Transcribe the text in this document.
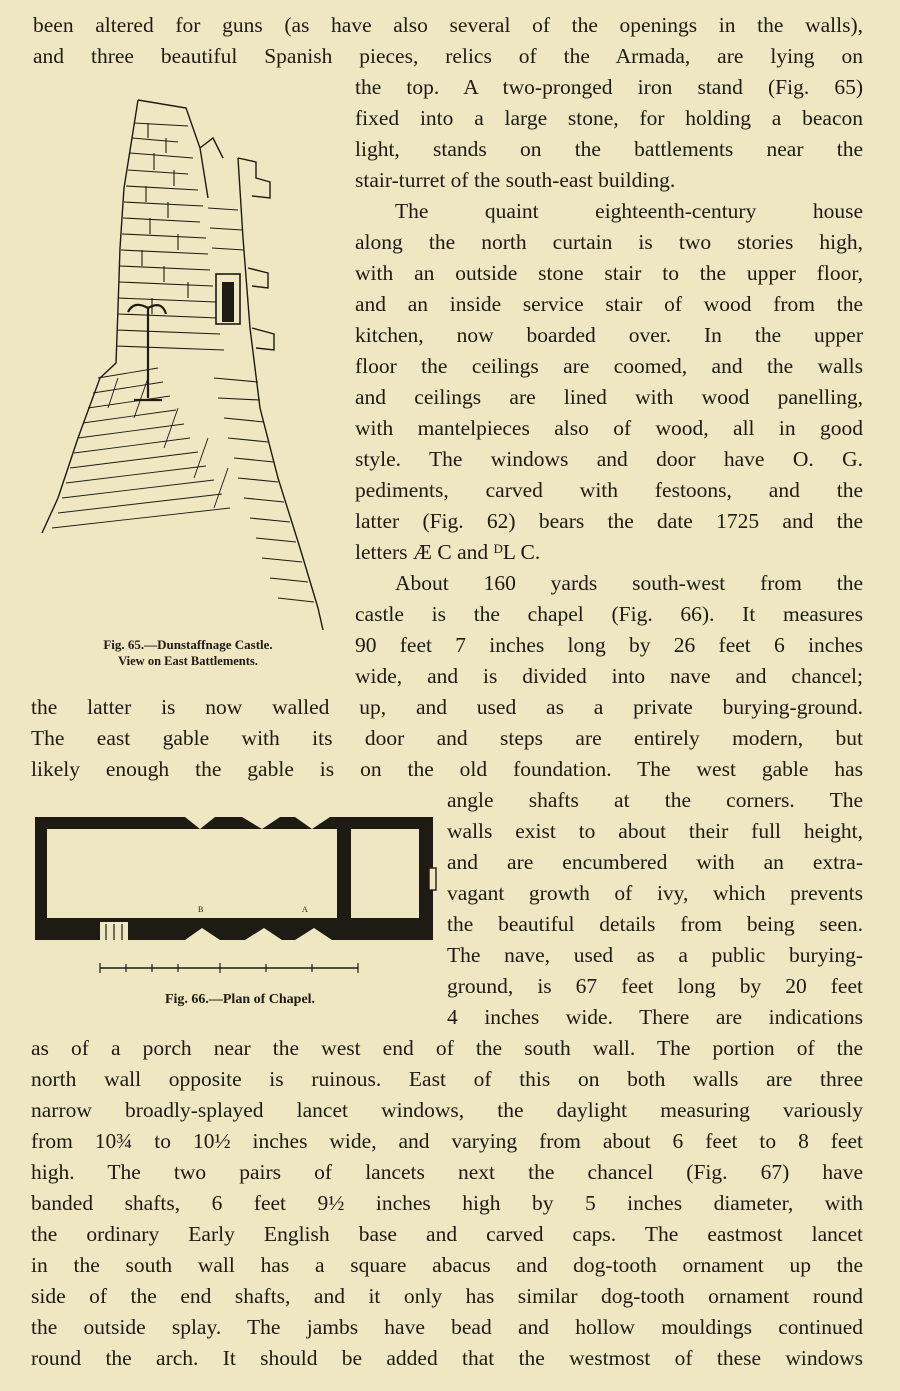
been altered for guns (as have also several of the openings in the walls),
and three beautiful Spanish pieces, relics of the Armada, are lying on
the top. A two-pronged iron stand (Fig. 65)
fixed into a large stone, for holding a beacon
light, stands on the battlements near the
stair-turret of the south-east building.
The quaint eighteenth-century house
along the north curtain is two stories high,
with an outside stone stair to the upper floor,
and an inside service stair of wood from the
kitchen, now boarded over. In the upper
floor the ceilings are coomed, and the walls
and ceilings are lined with wood panelling,
with mantelpieces also of wood, all in good
style. The windows and door have O. G.
pediments, carved with festoons, and the
latter (Fig. 62) bears the date 1725 and the
letters Æ C and ᴰL C.
About 160 yards south-west from the
castle is the chapel (Fig. 66). It measures
90 feet 7 inches long by 26 feet 6 inches
wide, and is divided into nave and chancel;
the latter is now walled up, and used as a private burying-ground.
The east gable with its door and steps are entirely modern, but
likely enough the gable is on the old foundation. The west gable has
angle shafts at the corners. The
walls exist to about their full height,
and are encumbered with an extra-
vagant growth of ivy, which prevents
the beautiful details from being seen.
The nave, used as a public burying-
ground, is 67 feet long by 20 feet
4 inches wide. There are indications
as of a porch near the west end of the south wall. The portion of the
north wall opposite is ruinous. East of this on both walls are three
narrow broadly-splayed lancet windows, the daylight measuring variously
from 10¾ to 10½ inches wide, and varying from about 6 feet to 8 feet
high. The two pairs of lancets next the chancel (Fig. 67) have
banded shafts, 6 feet 9½ inches high by 5 inches diameter, with
the ordinary Early English base and carved caps. The eastmost lancet
in the south wall has a square abacus and dog-tooth ornament up the
side of the end shafts, and it only has similar dog-tooth ornament round
the outside splay. The jambs have bead and hollow mouldings continued
round the arch. It should be added that the westmost of these windows
Fig. 65.—Dunstaffnage Castle.
View on East Battlements.
B	A
Fig. 66.—Plan of Chapel.
